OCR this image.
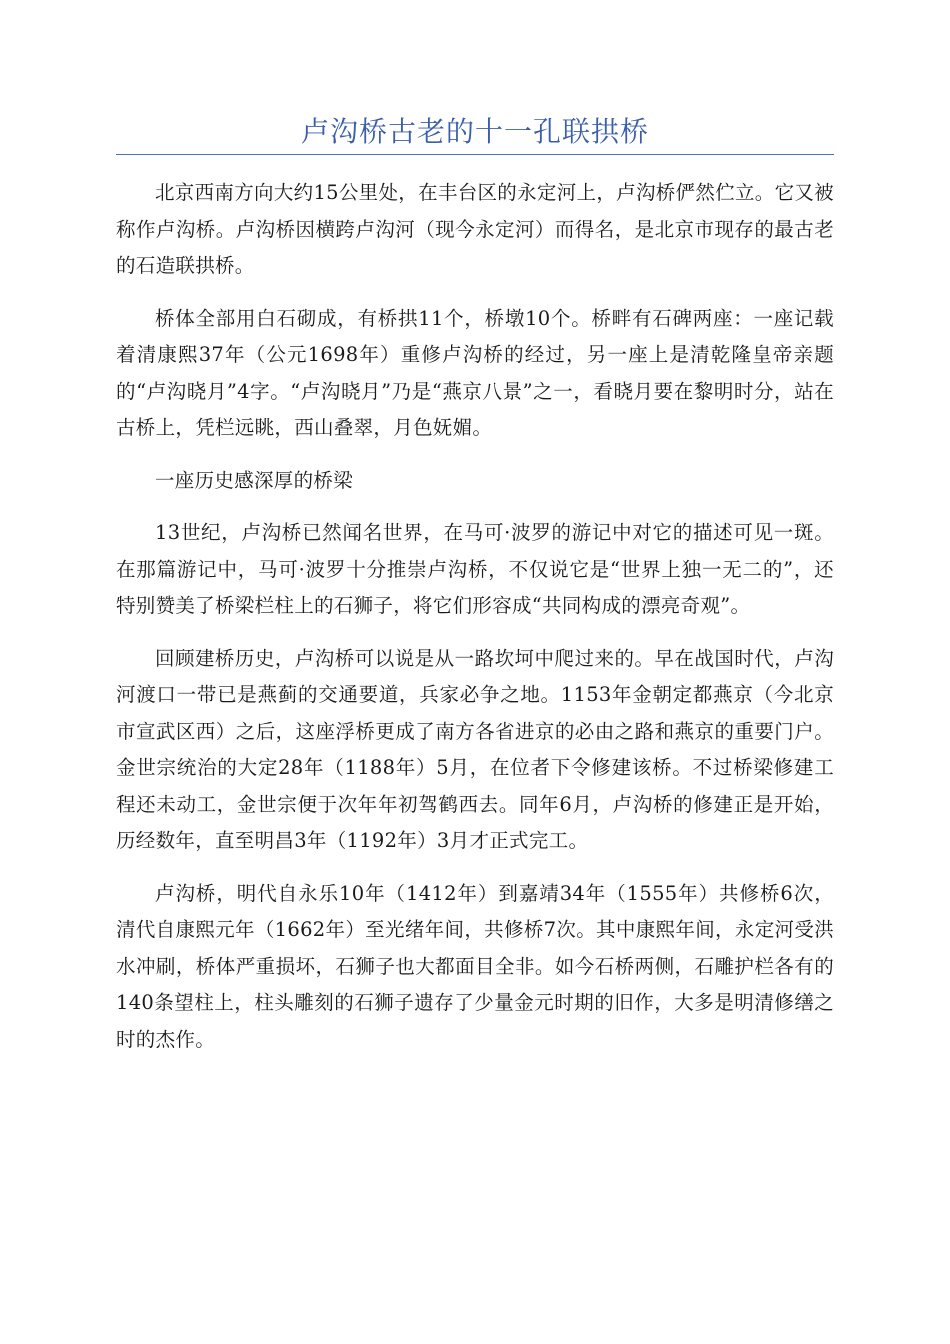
卢沟桥古老的十一孔联拱桥

北京西南方向大约15公里处，在丰台区的永定河上，卢沟桥俨然伫立。它又被称作卢沟桥。卢沟桥因横跨卢沟河（现今永定河）而得名，是北京市现存的最古老的石造联拱桥。

桥体全部用白石砌成，有桥拱11个，桥墩10个。桥畔有石碑两座：一座记载着清康熙37年（公元1698年）重修卢沟桥的经过，另一座上是清乾隆皇帝亲题的“卢沟晓月”4字。“卢沟晓月”乃是“燕京八景”之一，看晓月要在黎明时分，站在古桥上，凭栏远眺，西山叠翠，月色妩媚。

一座历史感深厚的桥梁

13世纪，卢沟桥已然闻名世界，在马可·波罗的游记中对它的描述可见一斑。在那篇游记中，马可·波罗十分推崇卢沟桥，不仅说它是“世界上独一无二的”，还特别赞美了桥梁栏柱上的石狮子，将它们形容成“共同构成的漂亮奇观”。

回顾建桥历史，卢沟桥可以说是从一路坎坷中爬过来的。早在战国时代，卢沟河渡口一带已是燕蓟的交通要道，兵家必争之地。1153年金朝定都燕京（今北京市宣武区西）之后，这座浮桥更成了南方各省进京的必由之路和燕京的重要门户。金世宗统治的大定28年（1188年）5月，在位者下令修建该桥。不过桥梁修建工程还未动工，金世宗便于次年年初驾鹤西去。同年6月，卢沟桥的修建正是开始，历经数年，直至明昌3年（1192年）3月才正式完工。

卢沟桥，明代自永乐10年（1412年）到嘉靖34年（1555年）共修桥6次，清代自康熙元年（1662年）至光绪年间，共修桥7次。其中康熙年间，永定河受洪水冲刷，桥体严重损坏，石狮子也大都面目全非。如今石桥两侧，石雕护栏各有的140条望柱上，柱头雕刻的石狮子遗存了少量金元时期的旧作，大多是明清修缮之时的杰作。
